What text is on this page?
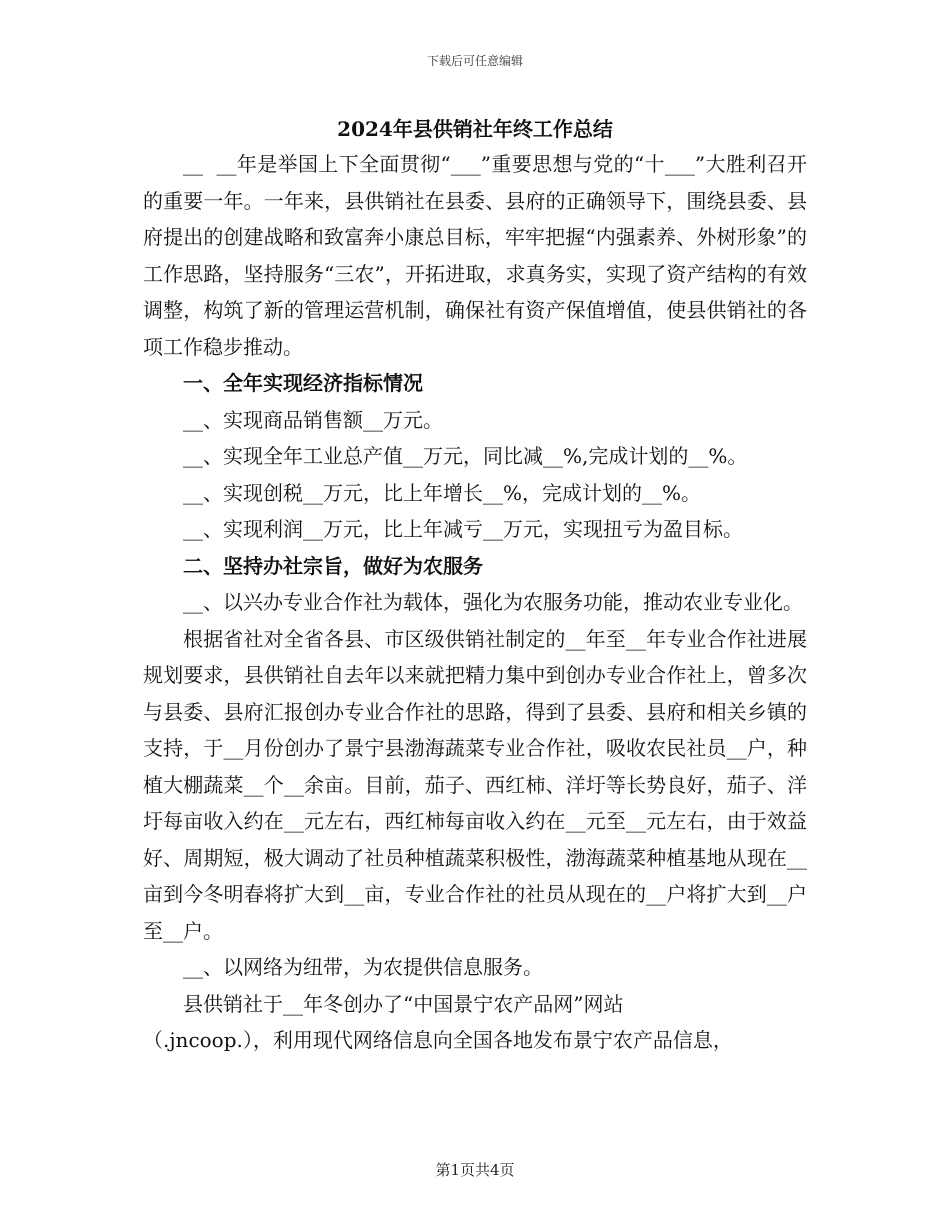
下载后可任意编辑
2024年县供销社年终工作总结

__  __年是举国上下全面贯彻“___”重要思想与党的“十___”大胜利召开的重要一年。一年来，县供销社在县委、县府的正确领导下，围绕县委、县府提出的创建战略和致富奔小康总目标，牢牢把握“内强素养、外树形象”的工作思路，坚持服务“三农”，开拓进取，求真务实，实现了资产结构的有效调整，构筑了新的管理运营机制，确保社有资产保值增值，使县供销社的各项工作稳步推动。

一、全年实现经济指标情况

__、实现商品销售额__万元。

__、实现全年工业总产值__万元，同比减__%,完成计划的__%。

__、实现创税__万元，比上年增长__%，完成计划的__%。

__、实现利润__万元，比上年减亏__万元，实现扭亏为盈目标。

二、坚持办社宗旨，做好为农服务

__、以兴办专业合作社为载体，强化为农服务功能，推动农业专业化。

根据省社对全省各县、市区级供销社制定的__年至__年专业合作社进展规划要求，县供销社自去年以来就把精力集中到创办专业合作社上，曾多次与县委、县府汇报创办专业合作社的思路，得到了县委、县府和相关乡镇的支持，于__月份创办了景宁县渤海蔬菜专业合作社，吸收农民社员__户，种植大棚蔬菜__个__余亩。目前，茄子、西红柿、洋圩等长势良好，茄子、洋圩每亩收入约在__元左右，西红柿每亩收入约在__元至__元左右，由于效益好、周期短，极大调动了社员种植蔬菜积极性，渤海蔬菜种植基地从现在__亩到今冬明春将扩大到__亩，专业合作社的社员从现在的__户将扩大到__户至__户。

__、以网络为纽带，为农提供信息服务。

县供销社于__年冬创办了“中国景宁农产品网”网站

（.jncoop.），利用现代网络信息向全国各地发布景宁农产品信息，

第1页共4页
